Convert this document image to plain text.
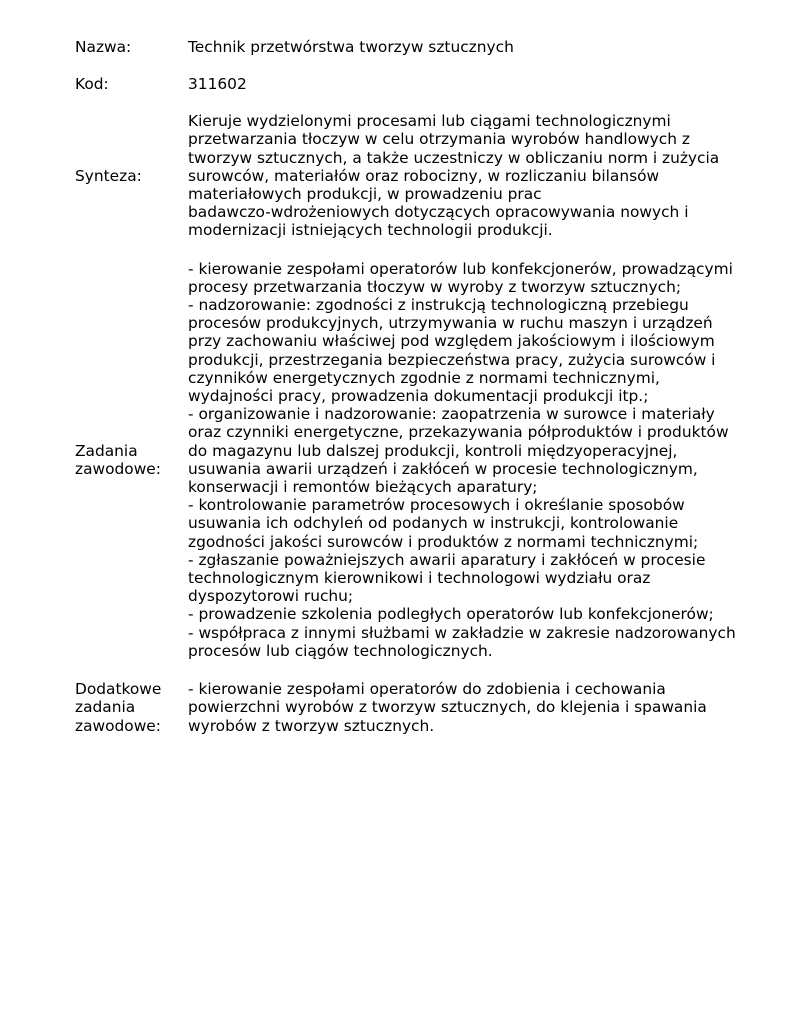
Nazwa:	Technik przetwórstwa tworzyw sztucznych
Kod:	311602
Synteza:
Kieruje wydzielonymi procesami lub ciągami technologicznymi
przetwarzania tłoczyw w celu otrzymania wyrobów handlowych z
tworzyw sztucznych, a także uczestniczy w obliczaniu norm i zużycia
surowców, materiałów oraz robocizny, w rozliczaniu bilansów
materiałowych produkcji, w prowadzeniu prac
badawczo-wdrożeniowych dotyczących opracowywania nowych i
modernizacji istniejących technologii produkcji.
Zadania
zawodowe:
- kierowanie zespołami operatorów lub konfekcjonerów, prowadzącymi
procesy przetwarzania tłoczyw w wyroby z tworzyw sztucznych;
- nadzorowanie: zgodności z instrukcją technologiczną przebiegu
procesów produkcyjnych, utrzymywania w ruchu maszyn i urządzeń
przy zachowaniu właściwej pod względem jakościowym i ilościowym
produkcji, przestrzegania bezpieczeństwa pracy, zużycia surowców i
czynników energetycznych zgodnie z normami technicznymi,
wydajności pracy, prowadzenia dokumentacji produkcji itp.;
- organizowanie i nadzorowanie: zaopatrzenia w surowce i materiały
oraz czynniki energetyczne, przekazywania półproduktów i produktów
do magazynu lub dalszej produkcji, kontroli międzyoperacyjnej,
usuwania awarii urządzeń i zakłóceń w procesie technologicznym,
konserwacji i remontów bieżących aparatury;
- kontrolowanie parametrów procesowych i określanie sposobów
usuwania ich odchyleń od podanych w instrukcji, kontrolowanie
zgodności jakości surowców i produktów z normami technicznymi;
- zgłaszanie poważniejszych awarii aparatury i zakłóceń w procesie
technologicznym kierownikowi i technologowi wydziału oraz
dyspozytorowi ruchu;
- prowadzenie szkolenia podległych operatorów lub konfekcjonerów;
- współpraca z innymi służbami w zakładzie w zakresie nadzorowanych
procesów lub ciągów technologicznych.
Dodatkowe
zadania
zawodowe:
- kierowanie zespołami operatorów do zdobienia i cechowania
powierzchni wyrobów z tworzyw sztucznych, do klejenia i spawania
wyrobów z tworzyw sztucznych.
